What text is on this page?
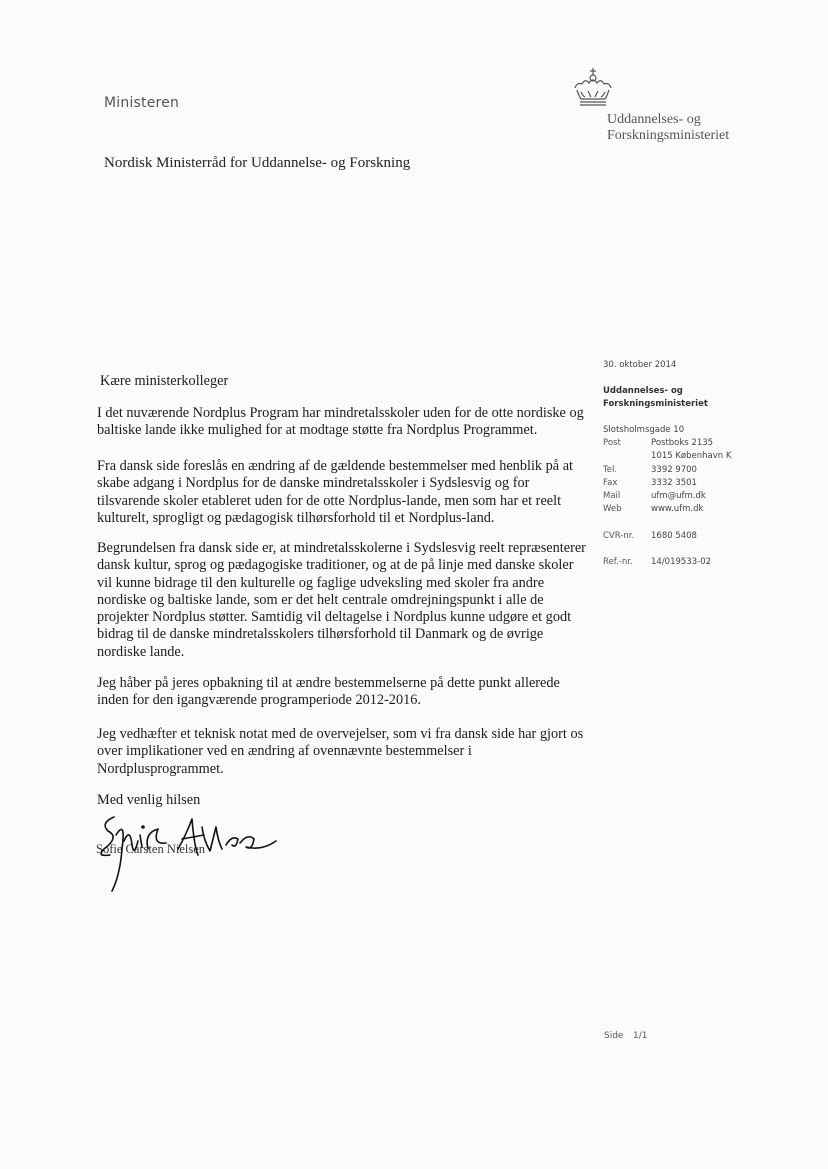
Ministeren
Uddannelses- og
Forskningsministeriet
Nordisk Ministerråd for Uddannelse- og Forskning
30. oktober 2014
Uddannelses- og
Forskningsministeriet
Slotsholmsgade 10
Post	Postboks 2135
1015 København K
Tel.	3392 9700
Fax	3332 3501
Mail	ufm@ufm.dk
Web	www.ufm.dk
CVR-nr. 1680 5408
Ref.-nr. 14/019533-02
Kære ministerkolleger

I det nuværende Nordplus Program har mindretalsskoler uden for de otte nordiske og baltiske lande ikke mulighed for at modtage støtte fra Nordplus Programmet.

Fra dansk side foreslås en ændring af de gældende bestemmelser med henblik på at skabe adgang i Nordplus for de danske mindretalsskoler i Sydslesvig og for tilsvarende skoler etableret uden for de otte Nordplus-lande, men som har et reelt kulturelt, sprogligt og pædagogisk tilhørsforhold til et Nordplus-land.

Begrundelsen fra dansk side er, at mindretalsskolerne i Sydslesvig reelt repræsenterer dansk kultur, sprog og pædagogiske traditioner, og at de på linje med danske skoler vil kunne bidrage til den kulturelle og faglige udveksling med skoler fra andre nordiske og baltiske lande, som er det helt centrale omdrejningspunkt i alle de projekter Nordplus støtter. Samtidig vil deltagelse i Nordplus kunne udgøre et godt bidrag til de danske mindretalsskolers tilhørsforhold til Danmark og de øvrige nordiske lande.

Jeg håber på jeres opbakning til at ændre bestemmelserne på dette punkt allerede inden for den igangværende programperiode 2012-2016.

Jeg vedhæfter et teknisk notat med de overvejelser, som vi fra dansk side har gjort os over implikationer ved en ændring af ovennævnte bestemmelser i Nordplusprogrammet.

Med venlig hilsen
Sofie Carsten Nielsen
Side 1/1
